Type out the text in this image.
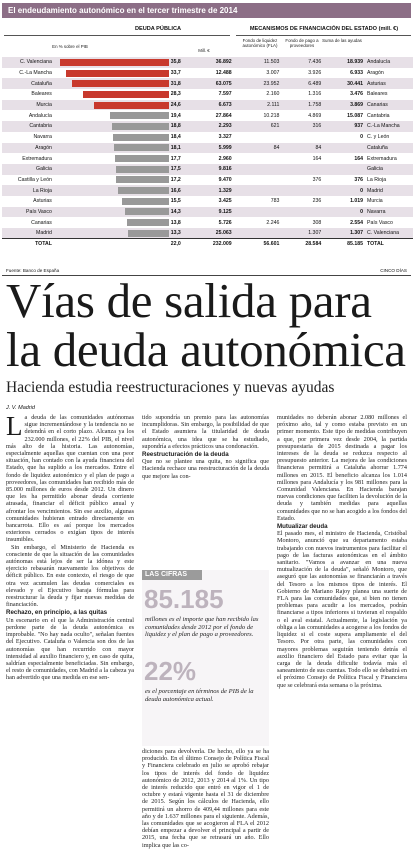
El endeudamiento autonómico en el tercer trimestre de 2014
DEUDA PÚBLICA	MECANISMOS DE FINANCIACIÓN DEL ESTADO (mill. €)
En % sobre el PIB
Mill. €
Fondo de liquidez autonómico (FLA)
Fondo de pago a proveedores
Suma de las ayudas
C. Valenciana		35,8	36.892		11.503	7.436	18.939	Andalucía
C.-La Mancha		33,7	12.488		3.007	3.926	6.933	Aragón
Cataluña		31,8	63.075		23.952	6.489	30.441	Asturias
Baleares		28,3	7.597		2.160	1.316	3.476	Baleares
Murcia		24,6	6.673		2.111	1.758	3.869	Canarias
Andalucía		19,4	27.864		10.218	4.869	15.087	Cantabria
Cantabria		18,8	2.293		621	316	937	C.-La Mancha
Navarra		18,4	3.327				0	C. y León
Aragón		18,1	5.999		84	84		Cataluña
Extremadura		17,7	2.960			164	164	Extremadura
Galicia		17,5	9.816					Galicia
Castilla y León		17,2	9.470			376	376	La Rioja
La Rioja		16,6	1.329				0	Madrid
Asturias		15,5	3.425		783	236	1.019	Murcia
País Vasco		14,3	9.125				0	Navarra
Canarias		13,8	5.726		2.246	308	2.554	País Vasco
Madrid		13,3	25.063			1.307	1.307	C. Valenciana
TOTAL		22,0	232.009		56.601	28.584	85.185	TOTAL
Fuente: Banco de España	CINCO DÍAS
Vías de salida para
la deuda autonómica
Hacienda estudia reestructuraciones y nuevas ayudas
J. V. Madrid

La deuda de las comunidades autónomas sigue incrementándose y la tendencia no se detendrá en el corto plazo. Alcanza ya los 232.000 millones, el 22% del PIB, el nivel más alto de la historia. Las autonomías, especialmente aquellas que cuentan con una peor situación, han contado con la ayuda financiera del Estado, que ha suplido a los mercados. Entre el fondo de liquidez autonómico y el plan de pago a proveedores, las comunidades han recibido más de 85.000 millones de euros desde 2012. Un dinero que les ha permitido abonar deuda corriente atrasada, financiar el déficit público anual y afrontar los vencimientos. Sin ese auxilio, algunas comunidades hubieran entrado directamente en bancarrota. Ello es así porque los mercados exteriores cerrados o exigían tipos de interés insumibles.

Sin embargo, el Ministerio de Hacienda es consciente de que la situación de las comunidades autónomas está lejos de ser la idónea y este ejercicio rebasarán nuevamente los objetivos de déficit público. En este contexto, el riesgo de que otra vez acumulen las deudas comerciales es elevado y el Ejecutivo baraja fórmulas para reestructurar la deuda y fijar nuevas medidas de financiación.

Rechazo, en principio, a las quitas

Un escenario en el que la Administración central perdone parte de la deuda autonómica es improbable. "No hay nada oculto", señalan fuentes del Ejecutivo. Cataluña o Valencia son dos de las autonomías que han recurrido con mayor intensidad al auxilio financiero y, en caso de quita, saldrían especialmente beneficiadas. Sin embargo, el resto de comunidades, con Madrid a la cabeza ya han advertido que una medida en ese sen-

tido supondría un premio para las autonomías incumplidoras. Sin embargo, la posibilidad de que el Estado asumiera la titularidad de deuda autonómica, una idea que se ha estudiado, supondría a efectos prácticos una condonación.

Reestructuración de la deuda

Que no se plantee una quita, no significa que Hacienda rechace una reestructuración de la deuda que mejore las con-

LAS CIFRAS
85.185
millones es el importe que han recibido las comunidades desde 2012 por el fondo de liquidez y el plan de pago a proveedores.
22%
es el porcentaje en términos de PIB de la deuda autonómica actual.

diciones para devolverla. De hecho, ello ya se ha producido. En el último Consejo de Política Fiscal y Financiera celebrado en julio se aprobó rebajar los tipos de interés del fondo de liquidez autonómico de 2012, 2013 y 2014 al 1%. Un tipo de interés reducido que entró en vigor el 1 de octubre y estará vigente hasta el 31 de diciembre de 2015. Según los cálculos de Hacienda, ello permitirá un ahorro de 409,44 millones para este año y de 1.637 millones para el siguiente. Además, las comunidades que se acogieron al FLA el 2012 debían empezar a devolver el principal a partir de 2015, una fecha que se retrasará un año. Ello implica que las co-

munidades no deberán abonar 2.080 millones el próximo año, tal y como estaba previsto en un primer momento. Este tipo de medidas contribuyen a que, por primera vez desde 2004, la partida presupuestaria de 2015 destinada a pagar los intereses de la deuda se reduzca respecto al presupuesto anterior. La mejora de las condiciones financieras permitirá a Cataluña ahorrar 1.774 millones en 2015. El beneficio alcanza los 1.014 millones para Andalucía y los 981 millones para la Comunidad Valenciana. En Hacienda barajan nuevas condiciones que faciliten la devolución de la deuda y también medidas para aquellas comunidades que no se han acogido a los fondos del Estado.

Mutualizar deuda

El pasado mes, el ministro de Hacienda, Cristóbal Montoro, anunció que su departamento estaba trabajando con nuevos instrumentos para facilitar el pago de las facturas autonómicas en el ámbito sanitario. "Vamos a avanzar en una nueva mutualización de la deuda", señaló Montoro, que aseguró que las autonomías se financiarán a través del Tesoro a los mismos tipos de interés. El Gobierno de Mariano Rajoy planea una suerte de FLA para las comunidades que, si bien no tienen problemas para acudir a los mercados, podrán financiarse a tipos inferiores si tuvieran el respaldo o el aval estatal. Actualmente, la legislación ya obliga a las comunidades a acogerse a los fondos de liquidez si el coste supera ampliamente el del Tesoro. Por otra parte, las comunidades con mayores problemas seguirán teniendo detrás el auxilio financiero del Estado para evitar que la carga de la deuda dificulte todavía más el saneamiento de sus cuentas. Todo ello se debatirá en el próximo Consejo de Política Fiscal y Financiera que se celebrará esta semana o la próxima.
